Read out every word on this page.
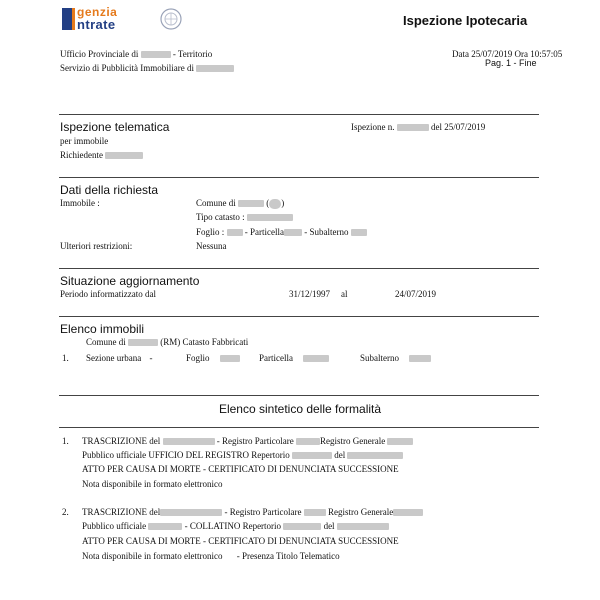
genzia
ntrate	Ispezione Ipotecaria
Ufficio Provinciale di	- Territorio
Servizio di Pubblicità Immobiliare di
Data 25/07/2019 Ora 10:57:05
Pag. 1 - Fine
Ispezione telematica	Ispezione n.	del 25/07/2019
per immobile
Richiedente
Dati della richiesta
Immobile :	Comune di	( )
Tipo catasto :
Foglio : - Particella - Subalterno
Ulteriori restrizioni:	Nessuna
Situazione aggiornamento
Periodo informatizzato dal	31/12/1997 al	24/07/2019
Elenco immobili
Comune di	(RM) Catasto Fabbricati
1. Sezione urbana -	Foglio	Particella	Subalterno
Elenco sintetico delle formalità
1. TRASCRIZIONE del	- Registro Particolare	Registro Generale
Pubblico ufficiale UFFICIO DEL REGISTRO Repertorio	del
ATTO PER CAUSA DI MORTE - CERTIFICATO DI DENUNCIATA SUCCESSIONE
Nota disponibile in formato elettronico
2. TRASCRIZIONE del	- Registro Particolare	Registro Generale
Pubblico ufficiale	- COLLATINO Repertorio	del
ATTO PER CAUSA DI MORTE - CERTIFICATO DI DENUNCIATA SUCCESSIONE
Nota disponibile in formato elettronico - Presenza Titolo Telematico
